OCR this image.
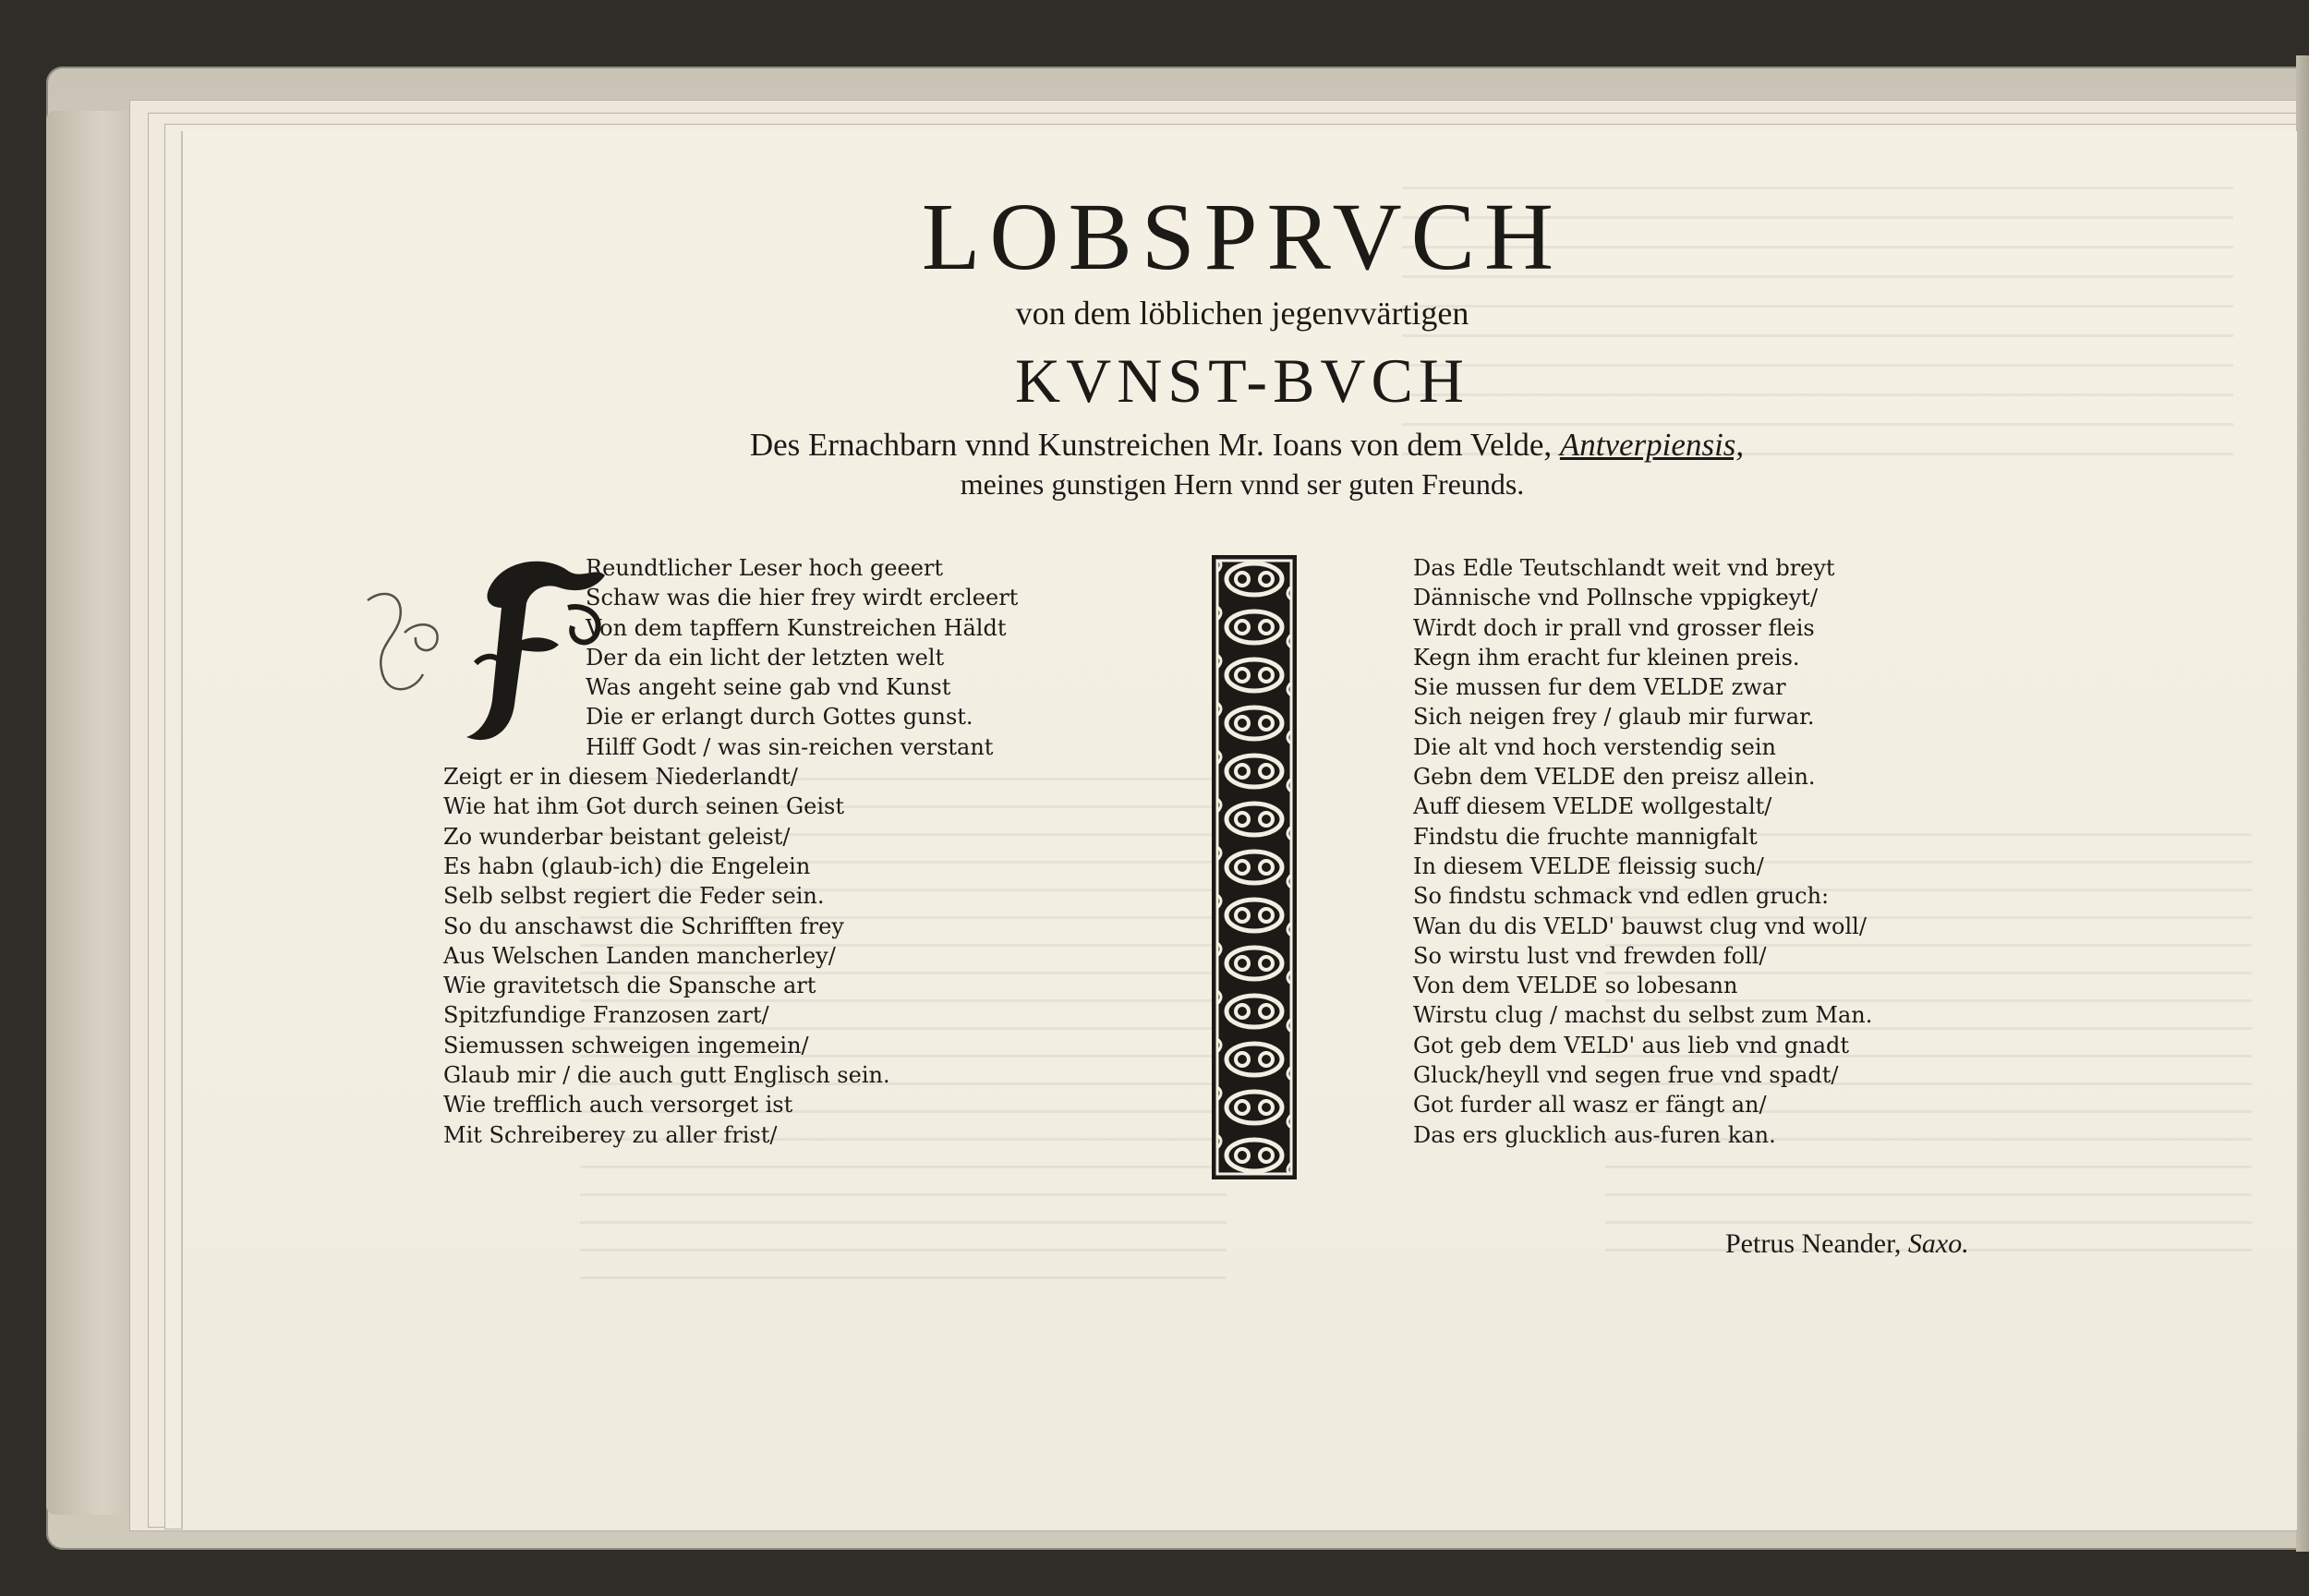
LOBSPRVCH
von dem löblichen jegenvvärtigen
KVNST-BVCH
Des Ernachbarn vnnd Kunstreichen Mr. Ioans von dem Velde, Antverpiensis,
meines gunstigen Hern vnnd ser guten Freunds.
Reundtlicher Leser hoch geeert
Schaw was die hier frey wirdt ercleert
Von dem tapffern Kunstreichen Häldt
Der da ein licht der letzten welt
Was angeht seine gab vnd Kunst
Die er erlangt durch Gottes gunst.
Hilff Godt / was sin-reichen verstant
Zeigt er in diesem Niederlandt/
Wie hat ihm Got durch seinen Geist
Zo wunderbar beistant geleist/
Es habn (glaub-ich) die Engelein
Selb selbst regiert die Feder sein.
So du anschawst die Schrifften frey
Aus Welschen Landen mancherley/
Wie gravitetsch die Spansche art
Spitzfundige Franzosen zart/
Siemussen schweigen ingemein/
Glaub mir / die auch gutt Englisch sein.
Wie trefflich auch versorget ist
Mit Schreiberey zu aller frist/
Das Edle Teutschlandt weit vnd breyt
Dännische vnd Pollnsche vppigkeyt/
Wirdt doch ir prall vnd grosser fleis
Kegn ihm eracht fur kleinen preis.
Sie mussen fur dem VELDE zwar
Sich neigen frey / glaub mir furwar.
Die alt vnd hoch verstendig sein
Gebn dem VELDE den preisz allein.
Auff diesem VELDE wollgestalt/
Findstu die fruchte mannigfalt
In diesem VELDE fleissig such/
So findstu schmack vnd edlen gruch:
Wan du dis VELD' bauwst clug vnd woll/
So wirstu lust vnd frewden foll/
Von dem VELDE so lobesann
Wirstu clug / machst du selbst zum Man.
Got geb dem VELD' aus lieb vnd gnadt
Gluck/heyll vnd segen frue vnd spadt/
Got furder all wasz er fängt an/
Das ers glucklich aus-furen kan.
Petrus Neander, Saxo.
